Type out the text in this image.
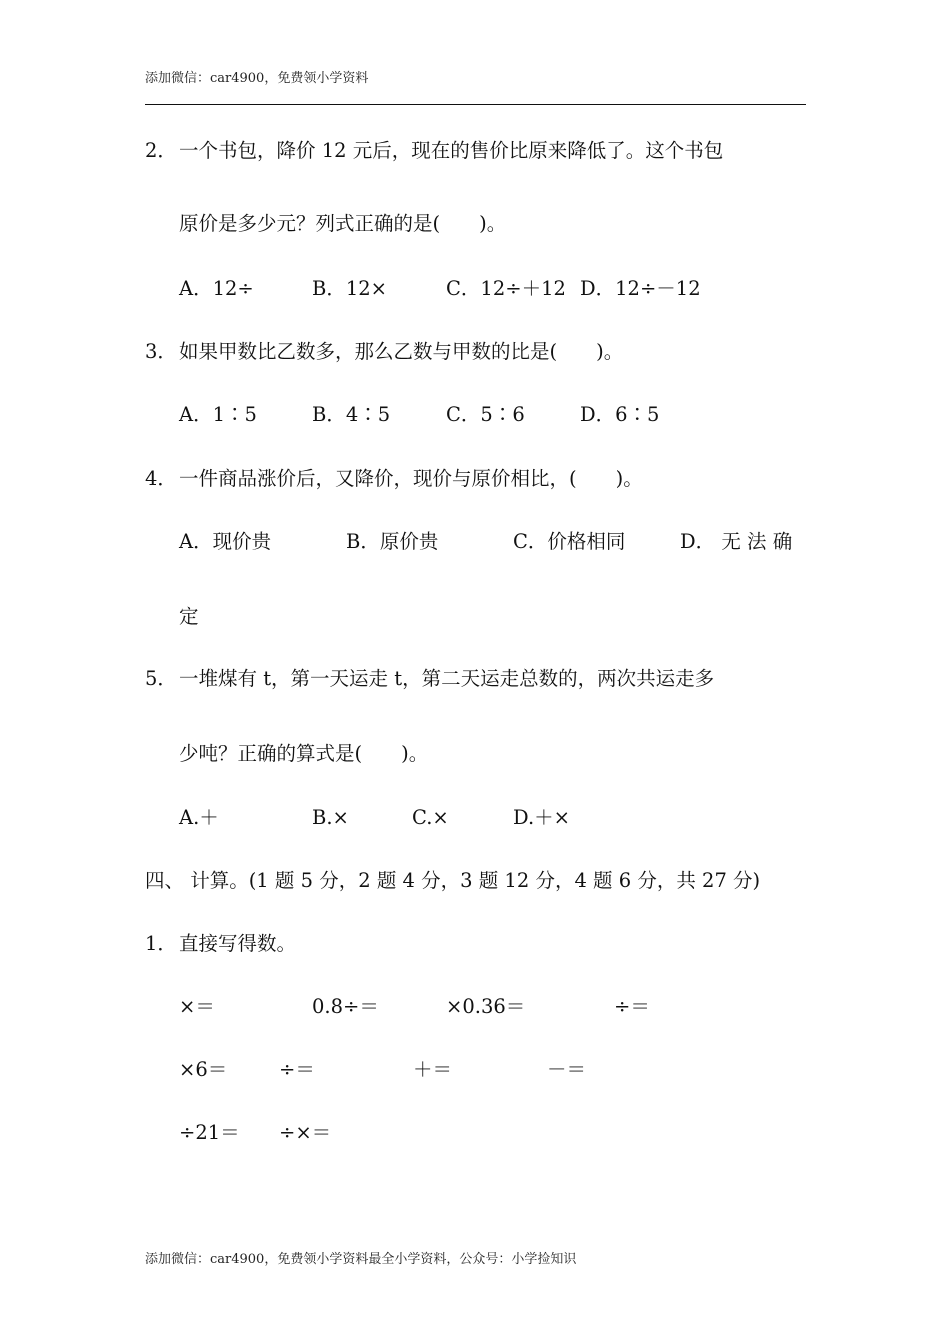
添加微信：car4900，免费领小学资料
2． 一个书包，降价 12 元后，现在的售价比原来降低了。这个书包
原价是多少元？列式正确的是(　　)。
A．12÷	B．12×	C．12÷＋12 D．12÷－12
3． 如果甲数比乙数多，那么乙数与甲数的比是(　　)。
A．1∶5	B．4∶5	C．5∶6	D．6∶5
4． 一件商品涨价后，又降价，现价与原价相比，(　　)。
A．现价贵	B．原价贵	C．价格相同	D． 无 法 确
定
5． 一堆煤有 t，第一天运走 t，第二天运走总数的，两次共运走多
少吨？正确的算式是(　　)。
A.＋	B.×	C.×	D.＋×
四、 计算。(1 题 5 分，2 题 4 分，3 题 12 分，4 题 6 分，共 27 分)
1． 直接写得数。
×＝	0.8÷＝	×0.36＝	÷＝
×6＝	÷＝	＋＝	－＝
÷21＝ ÷×＝
添加微信：car4900，免费领小学资料最全小学资料，公众号：小学捡知识
